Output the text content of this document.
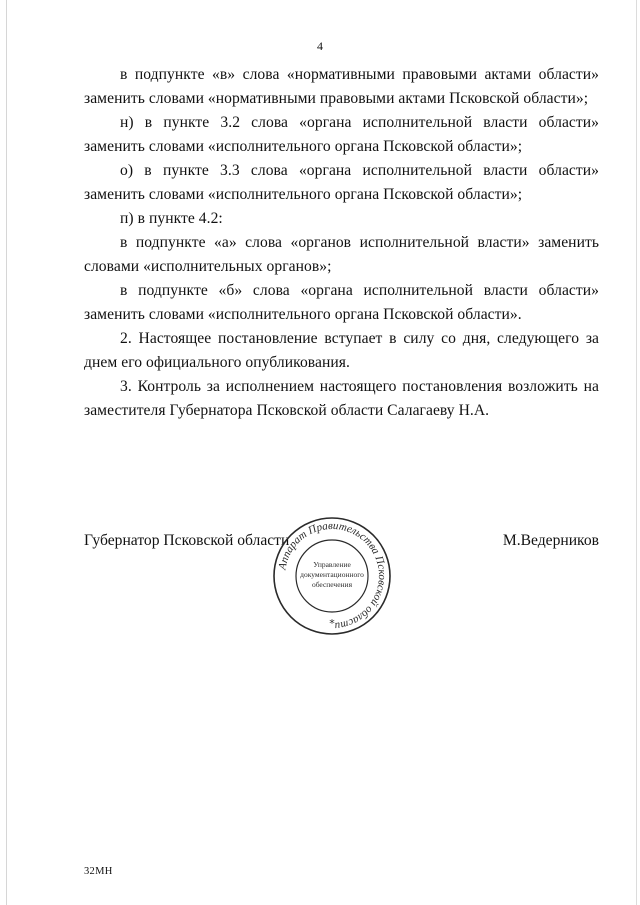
4

в подпункте «в» слова «нормативными правовыми актами области» заменить словами «нормативными правовыми актами Псковской области»;

н) в пункте 3.2 слова «органа исполнительной власти области» заменить словами «исполнительного органа Псковской области»;

о) в пункте 3.3 слова «органа исполнительной власти области» заменить словами «исполнительного органа Псковской области»;

п) в пункте 4.2:

в подпункте «а» слова «органов исполнительной власти» заменить словами «исполнительных органов»;

в подпункте «б» слова «органа исполнительной власти области» заменить словами «исполнительного органа Псковской области».

2. Настоящее постановление вступает в силу со дня, следующего за днем его официального опубликования.

3. Контроль за исполнением настоящего постановления возложить на заместителя Губернатора Псковской области Салагаеву Н.А.

Губернатор Псковской области	М.Ведерников
Аппарат Правительства Псковской области
Управление
документационного
обеспечения
*
32МН
